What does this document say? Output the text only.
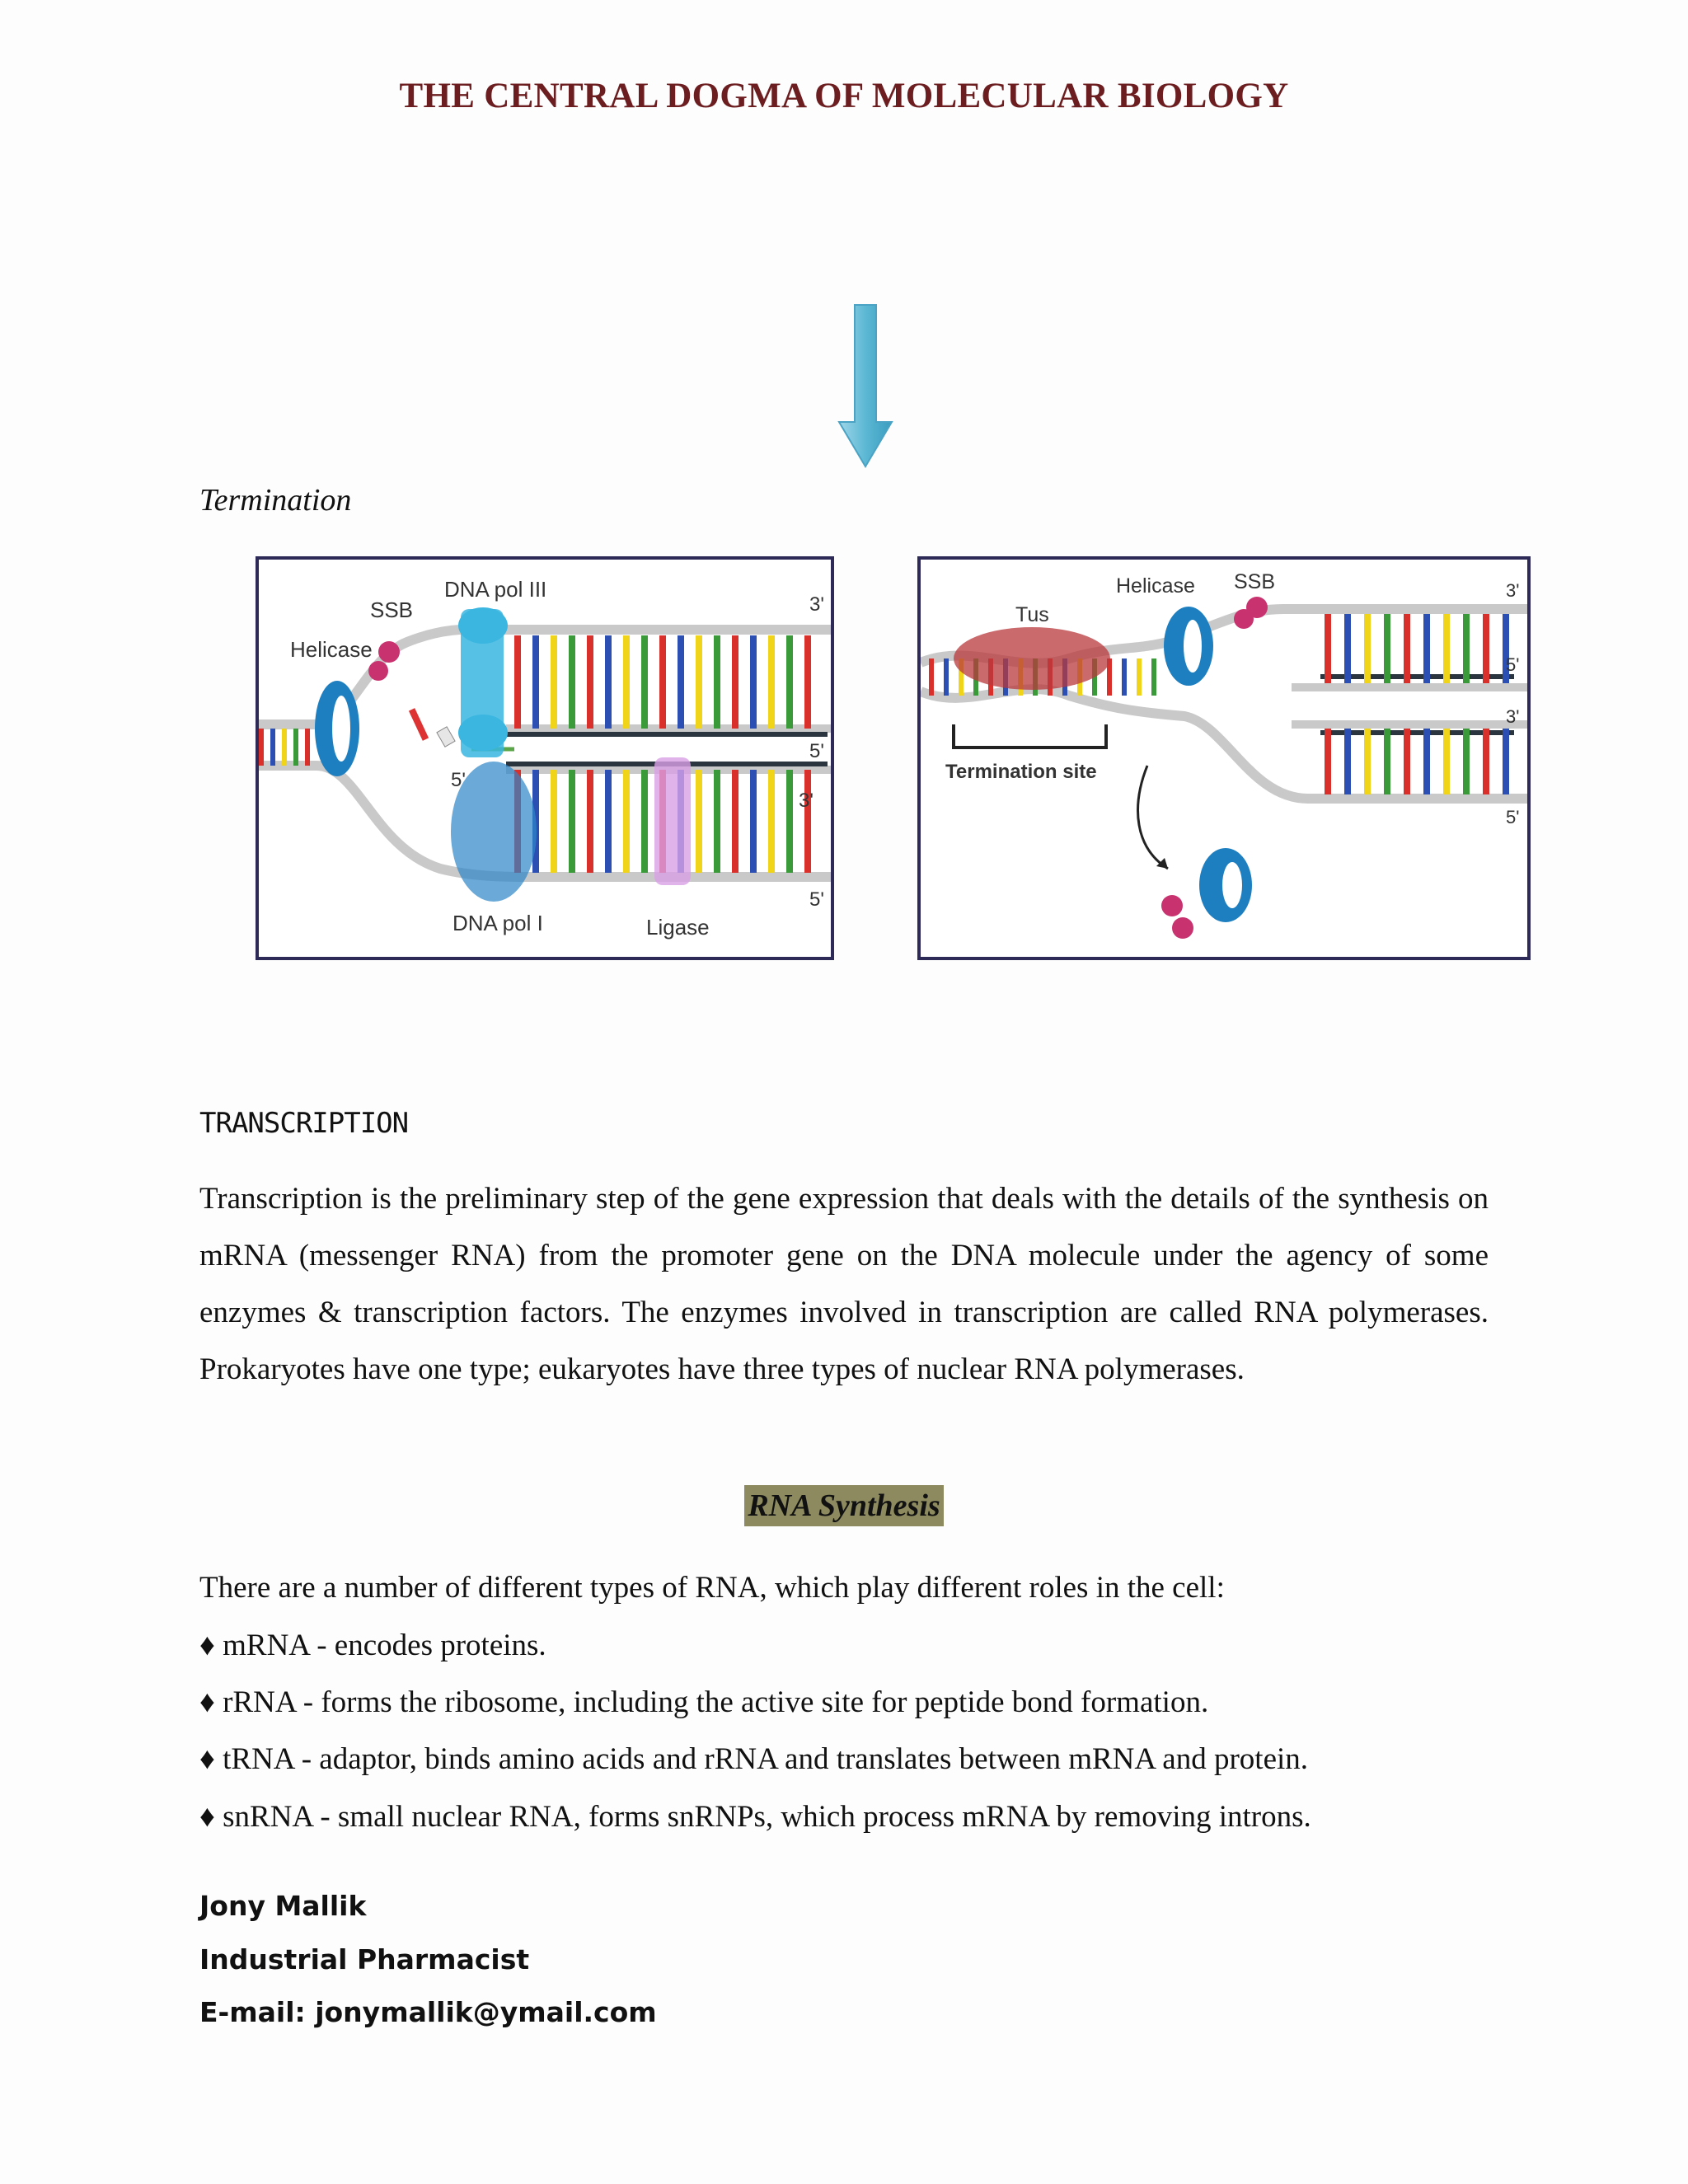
THE CENTRAL DOGMA OF MOLECULAR BIOLOGY
Termination
SSB
DNA pol III
Helicase
DNA pol I	Ligase
3'
5'
5'
3'
5'
Tus
Helicase SSB
Termination site
3'
5'
3'
5'
TRANSCRIPTION
Transcription is the preliminary step of the gene expression that deals with the details of the synthesis on mRNA (messenger RNA) from the promoter gene on the DNA molecule under the agency of some enzymes & transcription factors. The enzymes involved in transcription are called RNA polymerases. Prokaryotes have one type; eukaryotes have three types of nuclear RNA polymerases.
RNA Synthesis
There are a number of different types of RNA, which play different roles in the cell:
♦ mRNA - encodes proteins.
♦ rRNA - forms the ribosome, including the active site for peptide bond formation.
♦ tRNA - adaptor, binds amino acids and rRNA and translates between mRNA and protein.
♦ snRNA - small nuclear RNA, forms snRNPs, which process mRNA by removing introns.
Jony Mallik
Industrial Pharmacist
E-mail: jonymallik@ymail.com
